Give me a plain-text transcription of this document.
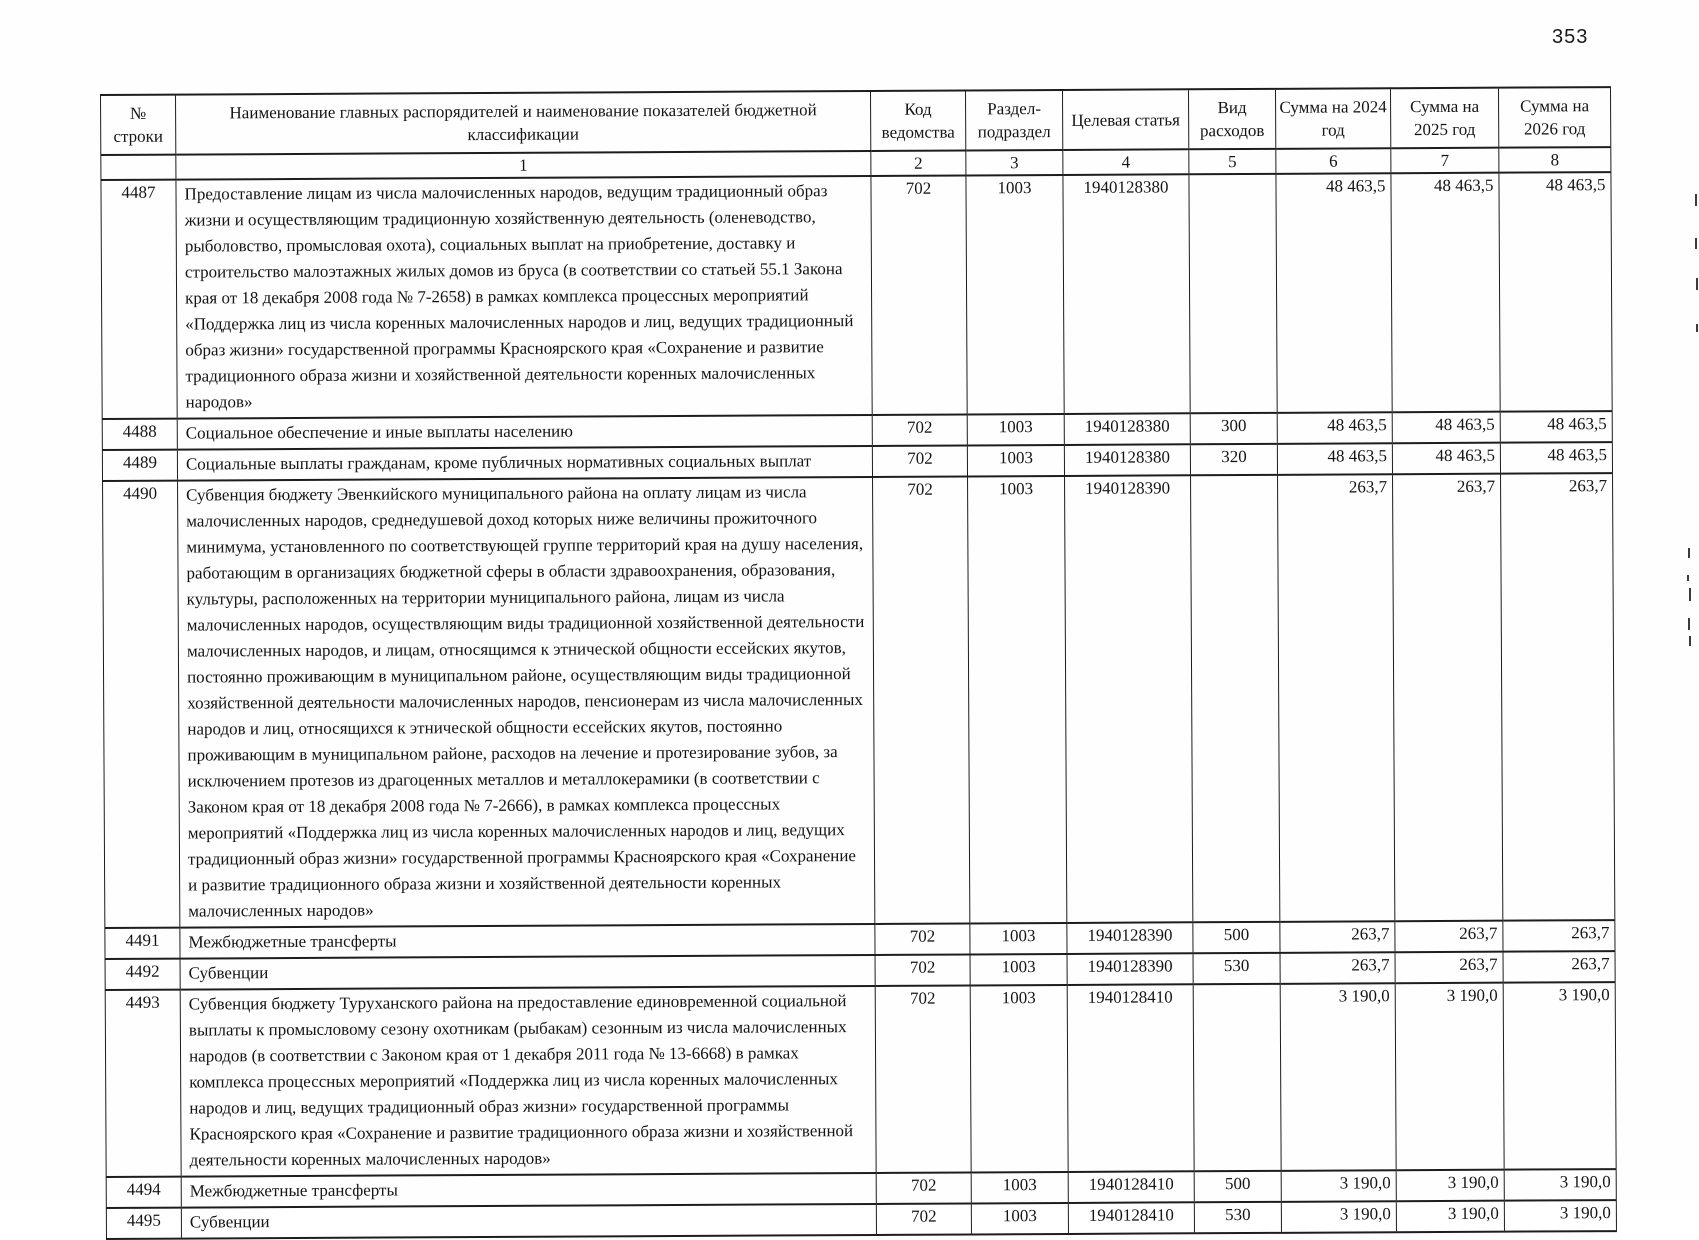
353
№ строки	Наименование главных распорядителей и наименование показателей бюджетной классификации	Код ведомства	Раздел-подраздел	Целевая статья	Вид расходов	Сумма на 2024 год	Сумма на 2025 год	Сумма на 2026 год
	1	2	3	4	5	6	7	8
4487	Предоставление лицам из числа малочисленных народов, ведущим традиционный образ жизни и осуществляющим традиционную хозяйственную деятельность (оленеводство, рыболовство, промысловая охота), социальных выплат на приобретение, доставку и строительство малоэтажных жилых домов из бруса (в соответствии со статьей 55.1 Закона края от 18 декабря 2008 года № 7-2658) в рамках комплекса процессных мероприятий «Поддержка лиц из числа коренных малочисленных народов и лиц, ведущих традиционный образ жизни» государственной программы Красноярского края «Сохранение и развитие традиционного образа жизни и хозяйственной деятельности коренных малочисленных народов»	702	1003	1940128380		48 463,5	48 463,5	48 463,5
4488	Социальное обеспечение и иные выплаты населению	702	1003	1940128380	300	48 463,5	48 463,5	48 463,5
4489	Социальные выплаты гражданам, кроме публичных нормативных социальных выплат	702	1003	1940128380	320	48 463,5	48 463,5	48 463,5
4490	Субвенция бюджету Эвенкийского муниципального района на оплату лицам из числа малочисленных народов, среднедушевой доход которых ниже величины прожиточного минимума, установленного по соответствующей группе территорий края на душу населения, работающим в организациях бюджетной сферы в области здравоохранения, образования, культуры, расположенных на территории муниципального района, лицам из числа малочисленных народов, осуществляющим виды традиционной хозяйственной деятельности малочисленных народов, и лицам, относящимся к этнической общности ессейских якутов, постоянно проживающим в муниципальном районе, осуществляющим виды традиционной хозяйственной деятельности малочисленных народов, пенсионерам из числа малочисленных народов и лиц, относящихся к этнической общности ессейских якутов, постоянно проживающим в муниципальном районе, расходов на лечение и протезирование зубов, за исключением протезов из драгоценных металлов и металлокерамики (в соответствии с Законом края от 18 декабря 2008 года № 7-2666), в рамках комплекса процессных мероприятий «Поддержка лиц из числа коренных малочисленных народов и лиц, ведущих традиционный образ жизни» государственной программы Красноярского края «Сохранение и развитие традиционного образа жизни и хозяйственной деятельности коренных малочисленных народов»	702	1003	1940128390		263,7	263,7	263,7
4491	Межбюджетные трансферты	702	1003	1940128390	500	263,7	263,7	263,7
4492	Субвенции	702	1003	1940128390	530	263,7	263,7	263,7
4493	Субвенция бюджету Туруханского района на предоставление единовременной социальной выплаты к промысловому сезону охотникам (рыбакам) сезонным из числа малочисленных народов (в соответствии с Законом края от 1 декабря 2011 года № 13-6668) в рамках комплекса процессных мероприятий «Поддержка лиц из числа коренных малочисленных народов и лиц, ведущих традиционный образ жизни» государственной программы Красноярского края «Сохранение и развитие традиционного образа жизни и хозяйственной деятельности коренных малочисленных народов»	702	1003	1940128410		3 190,0	3 190,0	3 190,0
4494	Межбюджетные трансферты	702	1003	1940128410	500	3 190,0	3 190,0	3 190,0
4495	Субвенции	702	1003	1940128410	530	3 190,0	3 190,0	3 190,0
